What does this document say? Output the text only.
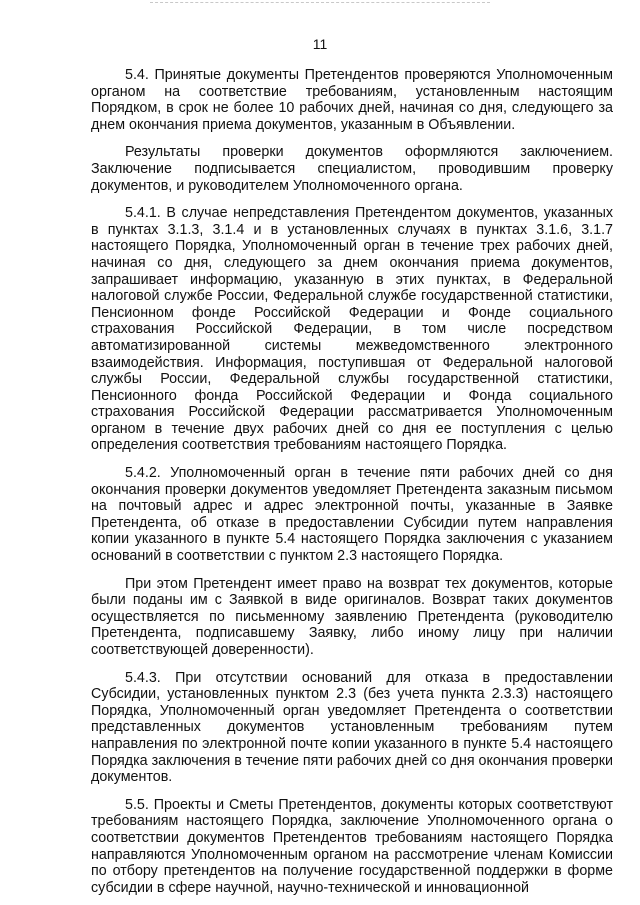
11

5.4. Принятые документы Претендентов проверяются Уполномоченным органом на соответствие требованиям, установленным настоящим Порядком, в срок не более 10 рабочих дней, начиная со дня, следующего за днем окончания приема документов, указанным в Объявлении.

Результаты проверки документов оформляются заключением. Заключение подписывается специалистом, проводившим проверку документов, и руководителем Уполномоченного органа.

5.4.1. В случае непредставления Претендентом документов, указанных в пунктах 3.1.3, 3.1.4 и в установленных случаях в пунктах 3.1.6, 3.1.7 настоящего Порядка, Уполномоченный орган в течение трех рабочих дней, начиная со дня, следующего за днем окончания приема документов, запрашивает информацию, указанную в этих пунктах, в Федеральной налоговой службе России, Федеральной службе государственной статистики, Пенсионном фонде Российской Федерации и Фонде социального страхования Российской Федерации, в том числе посредством автоматизированной системы межведомственного электронного взаимодействия. Информация, поступившая от Федеральной налоговой службы России, Федеральной службы государственной статистики, Пенсионного фонда Российской Федерации и Фонда социального страхования Российской Федерации рассматривается Уполномоченным органом в течение двух рабочих дней со дня ее поступления с целью определения соответствия требованиям настоящего Порядка.

5.4.2. Уполномоченный орган в течение пяти рабочих дней со дня окончания проверки документов уведомляет Претендента заказным письмом на почтовый адрес и адрес электронной почты, указанные в Заявке Претендента, об отказе в предоставлении Субсидии путем направления копии указанного в пункте 5.4 настоящего Порядка заключения с указанием оснований в соответствии с пунктом 2.3 настоящего Порядка.

При этом Претендент имеет право на возврат тех документов, которые были поданы им с Заявкой в виде оригиналов. Возврат таких документов осуществляется по письменному заявлению Претендента (руководителю Претендента, подписавшему Заявку, либо иному лицу при наличии соответствующей доверенности).

5.4.3. При отсутствии оснований для отказа в предоставлении Субсидии, установленных пунктом 2.3 (без учета пункта 2.3.3) настоящего Порядка, Уполномоченный орган уведомляет Претендента о соответствии представленных документов установленным требованиям путем направления по электронной почте копии указанного в пункте 5.4 настоящего Порядка заключения в течение пяти рабочих дней со дня окончания проверки документов.

5.5. Проекты и Сметы Претендентов, документы которых соответствуют требованиям настоящего Порядка, заключение Уполномоченного органа о соответствии документов Претендентов требованиям настоящего Порядка направляются Уполномоченным органом на рассмотрение членам Комиссии по отбору претендентов на получение государственной поддержки в форме субсидии в сфере научной, научно-технической и инновационной
